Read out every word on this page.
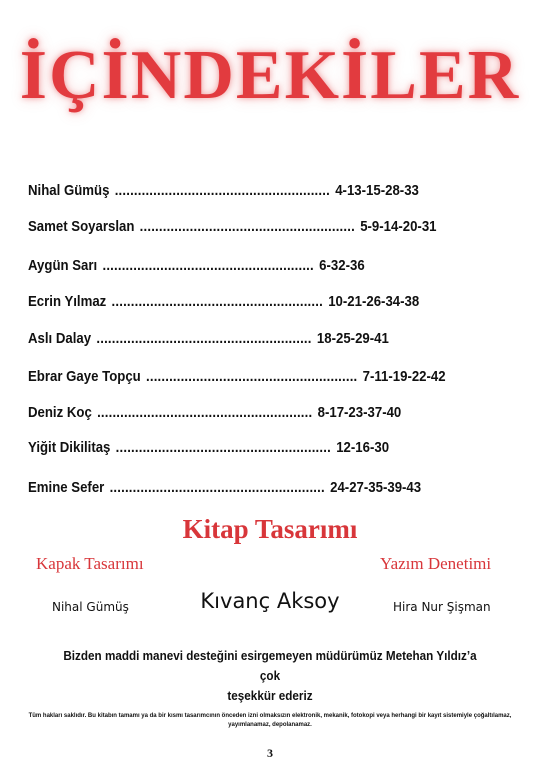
İÇİNDEKİLER
Nihal Gümüş ........................................................ 4-13-15-28-33
Samet Soyarslan ........................................................ 5-9-14-20-31
Aygün Sarı ....................................................... 6-32-36
Ecrin Yılmaz ....................................................... 10-21-26-34-38
Aslı Dalay ........................................................ 18-25-29-41
Ebrar Gaye Topçu ....................................................... 7-11-19-22-42
Deniz Koç ........................................................ 8-17-23-37-40
Yiğit Dikilitaş ........................................................ 12-16-30
Emine Sefer ........................................................ 24-27-35-39-43
Kitap Tasarımı
Kapak Tasarımı	Yazım Denetimi
Nihal Gümüş	Kıvanç Aksoy	Hira Nur Şişman
Bizden maddi manevi desteğini esirgemeyen müdürümüz Metehan Yıldız’a çok
teşekkür ederiz
Tüm hakları saklıdır. Bu kitabın tamamı ya da bir kısmı tasarımcının önceden izni olmaksızın elektronik, mekanik, fotokopi veya herhangi bir kayıt sistemiyle çoğaltılamaz,
yayımlanamaz, depolanamaz.
3
